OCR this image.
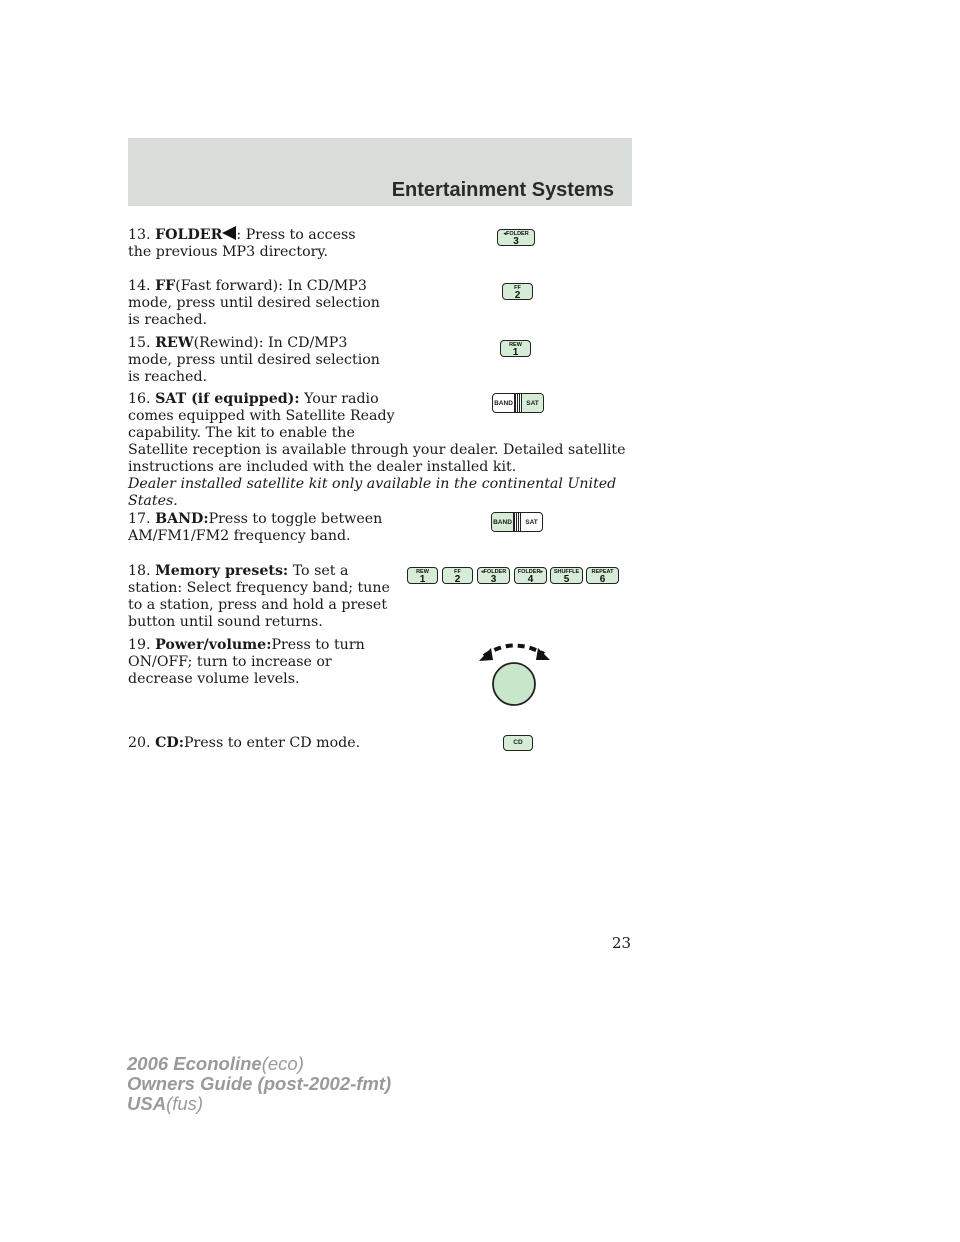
Entertainment Systems
13. FOLDER : Press to access
the previous MP3 directory.
◂FOLDER
3
14. FF(Fast forward): In CD/MP3
mode, press until desired selection
is reached.
FF
2
15. REW(Rewind): In CD/MP3
mode, press until desired selection
is reached.
REW
1
16. SAT (if equipped): Your radio
comes equipped with Satellite Ready
capability. The kit to enable the
Satellite reception is available through your dealer. Detailed satellite
instructions are included with the dealer installed kit.
Dealer installed satellite kit only available in the continental United
States.
BAND	SAT
17. BAND:Press to toggle between
AM/FM1/FM2 frequency band.
BAND	SAT
18. Memory presets: To set a
station: Select frequency band; tune
to a station, press and hold a preset
button until sound returns.
REW
1
FF
2
◂FOLDER
3
FOLDER▸
4
SHUFFLE
5
REPEAT
6
19. Power/volume:Press to turn
ON/OFF; turn to increase or
decrease volume levels.
20. CD:Press to enter CD mode.	CD
23
2006 Econoline(eco)
Owners Guide (post-2002-fmt)
USA(fus)
